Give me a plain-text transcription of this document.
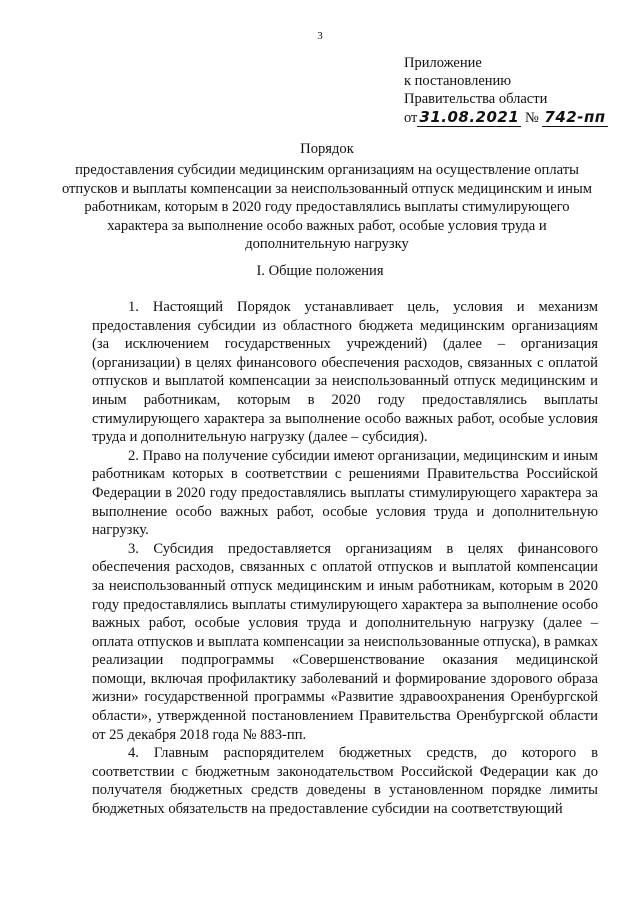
3
Приложение
к постановлению
Правительства области
от 31.08.2021 № 742-пп
Порядок
предоставления субсидии медицинским организациям на осуществление оплаты отпусков и выплаты компенсации за неиспользованный отпуск медицинским и иным работникам, которым в 2020 году предоставлялись выплаты стимулирующего характера за выполнение особо важных работ, особые условия труда и дополнительную нагрузку
I. Общие положения

1. Настоящий Порядок устанавливает цель, условия и механизм предоставления субсидии из областного бюджета медицинским организациям (за исключением государственных учреждений) (далее – организация (организации) в целях финансового обеспечения расходов, связанных с оплатой отпусков и выплатой компенсации за неиспользованный отпуск медицинским и иным работникам, которым в 2020 году предоставлялись выплаты стимулирующего характера за выполнение особо важных работ, особые условия труда и дополнительную нагрузку (далее – субсидия).

2. Право на получение субсидии имеют организации, медицинским и иным работникам которых в соответствии с решениями Правительства Российской Федерации в 2020 году предоставлялись выплаты стимулирующего характера за выполнение особо важных работ, особые условия труда и дополнительную нагрузку.

3. Субсидия предоставляется организациям в целях финансового обеспечения расходов, связанных с оплатой отпусков и выплатой компенсации за неиспользованный отпуск медицинским и иным работникам, которым в 2020 году предоставлялись выплаты стимулирующего характера за выполнение особо важных работ, особые условия труда и дополнительную нагрузку (далее – оплата отпусков и выплата компенсации за неиспользованные отпуска), в рамках реализации подпрограммы «Совершенствование оказания медицинской помощи, включая профилактику заболеваний и формирование здорового образа жизни» государственной программы «Развитие здравоохранения Оренбургской области», утвержденной постановлением Правительства Оренбургской области от 25 декабря 2018 года № 883-пп.

4. Главным распорядителем бюджетных средств, до которого в соответствии с бюджетным законодательством Российской Федерации как до получателя бюджетных средств доведены в установленном порядке лимиты бюджетных обязательств на предоставление субсидии на соответствующий
